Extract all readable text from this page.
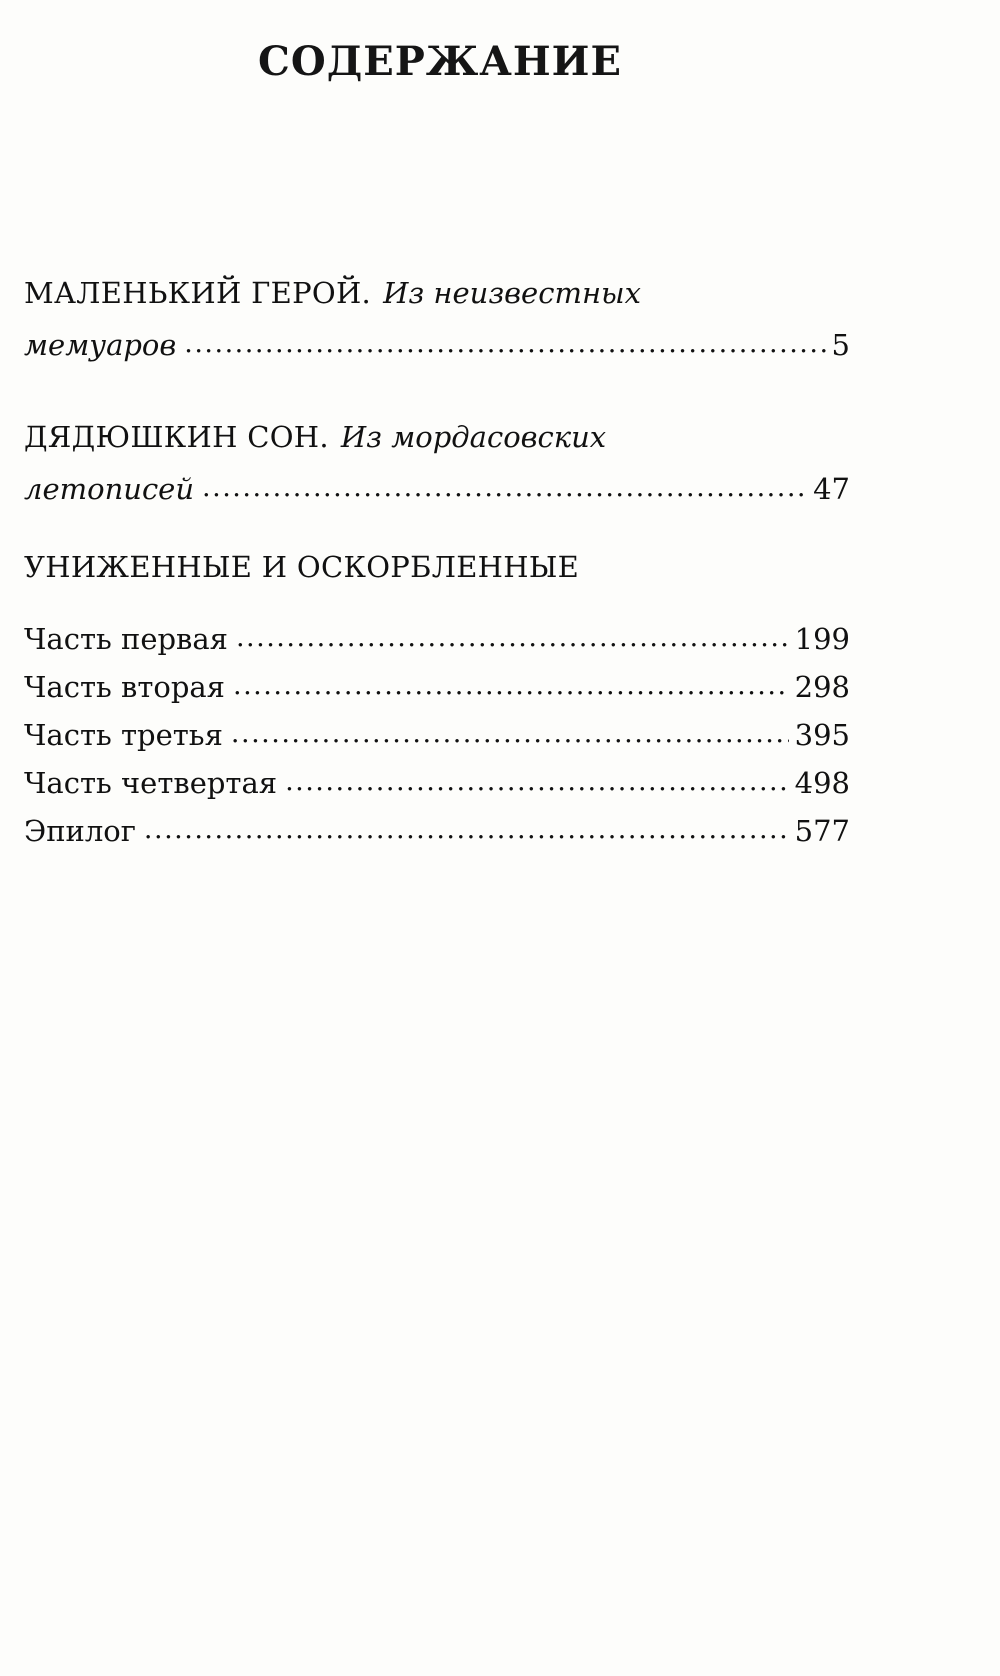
СОДЕРЖАНИЕ
МАЛЕНЬКИЙ ГЕРОЙ. Из неизвестных
мемуаров .....	5
ДЯДЮШКИН СОН. Из мордасовских
летописей .....	47
УНИЖЕННЫЕ И ОСКОРБЛЕННЫЕ
Часть первая .....	199
Часть вторая .....	298
Часть третья .....	395
Часть четвертая .....	498
Эпилог .....	577
